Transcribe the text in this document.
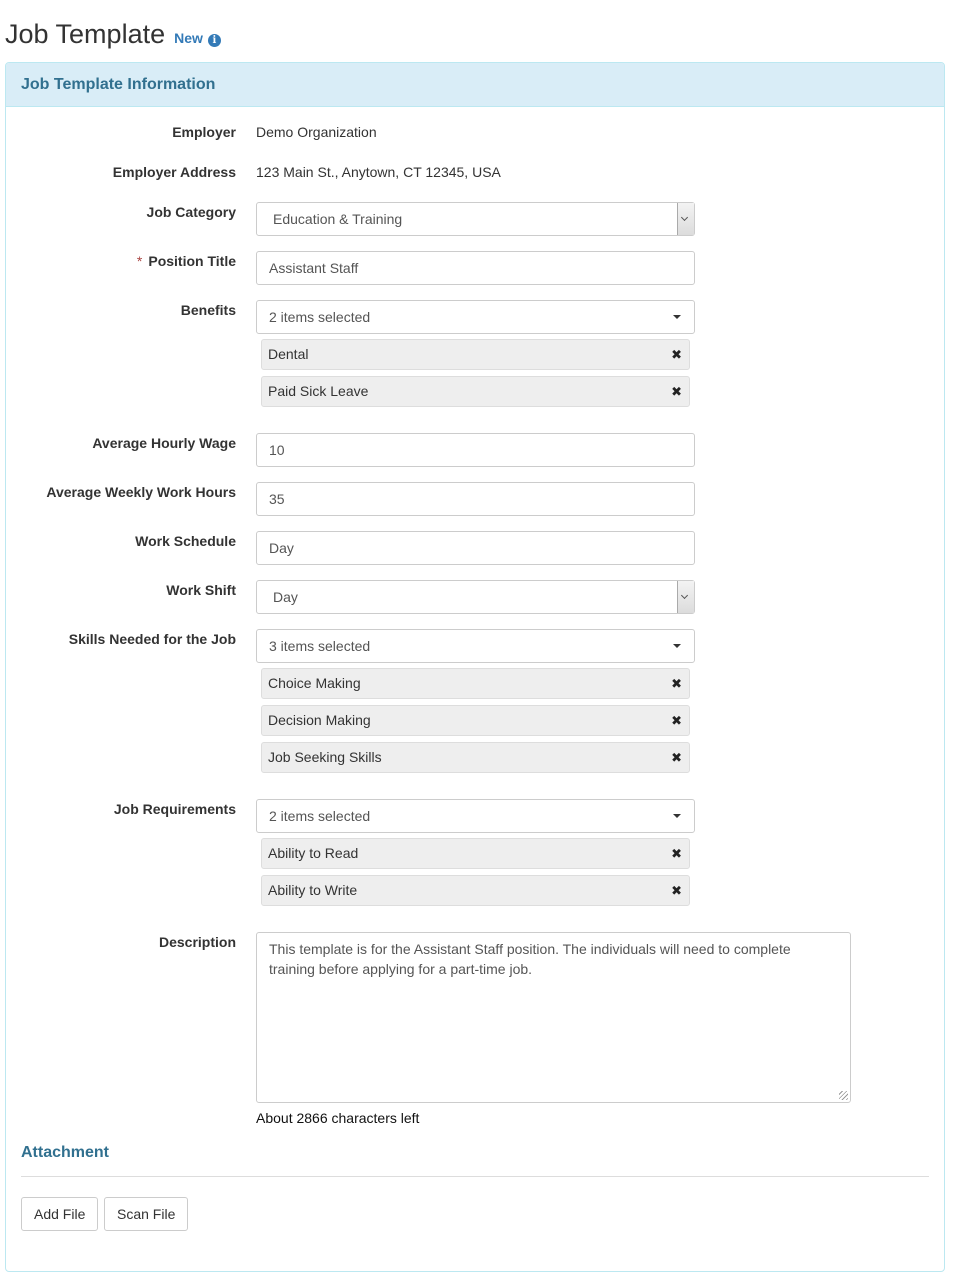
Job Template New i
Job Template Information
Employer Demo Organization
Employer Address 123 Main St., Anytown, CT 12345, USA
Job Category	Education & Training
* Position Title	Assistant Staff
Benefits	2 items selected
Dental	✖
Paid Sick Leave	✖
Average Hourly Wage	10
Average Weekly Work Hours	35
Work Schedule	Day
Work Shift	Day
Skills Needed for the Job	3 items selected
Choice Making	✖
Decision Making	✖
Job Seeking Skills	✖
Job Requirements	2 items selected
Ability to Read	✖
Ability to Write	✖
Description	This template is for the Assistant Staff position. The individuals will need to complete training before applying for a part-time job.
About 2866 characters left
Attachment
Add File	Scan File
